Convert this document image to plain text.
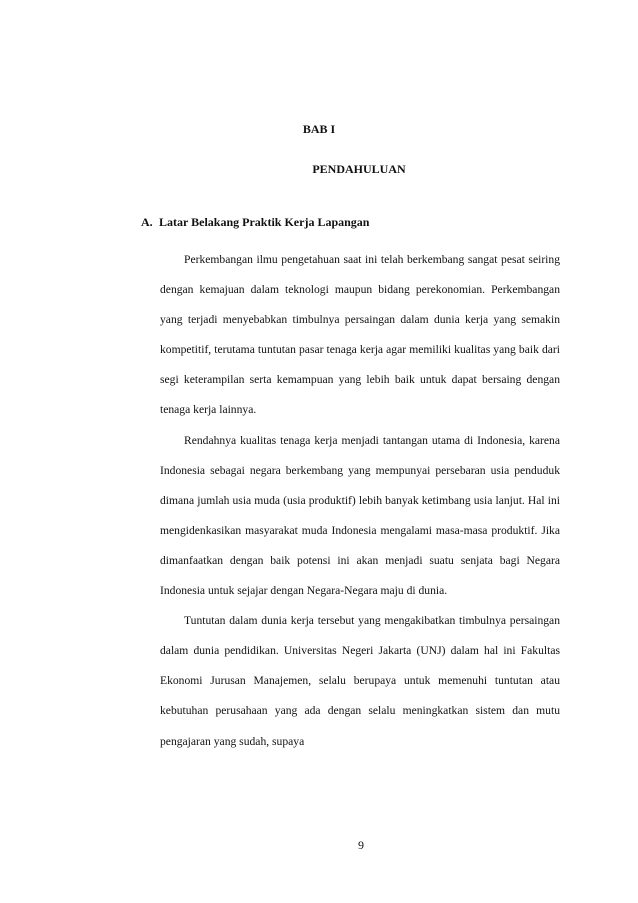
BAB I
PENDAHULUAN
A. Latar Belakang Praktik Kerja Lapangan

Perkembangan ilmu pengetahuan saat ini telah berkembang sangat pesat seiring dengan kemajuan dalam teknologi maupun bidang perekonomian. Perkembangan yang terjadi menyebabkan timbulnya persaingan dalam dunia kerja yang semakin kompetitif, terutama tuntutan pasar tenaga kerja agar memiliki kualitas yang baik dari segi keterampilan serta kemampuan yang lebih baik untuk dapat bersaing dengan tenaga kerja lainnya.

Rendahnya kualitas tenaga kerja menjadi tantangan utama di Indonesia, karena Indonesia sebagai negara berkembang yang mempunyai persebaran usia penduduk dimana jumlah usia muda (usia produktif) lebih banyak ketimbang usia lanjut. Hal ini mengidenkasikan masyarakat muda Indonesia mengalami masa-masa produktif. Jika dimanfaatkan dengan baik potensi ini akan menjadi suatu senjata bagi Negara Indonesia untuk sejajar dengan Negara-Negara maju di dunia.

Tuntutan dalam dunia kerja tersebut yang mengakibatkan timbulnya persaingan dalam dunia pendidikan. Universitas Negeri Jakarta (UNJ) dalam hal ini Fakultas Ekonomi Jurusan Manajemen, selalu berupaya untuk memenuhi tuntutan atau kebutuhan perusahaan yang ada dengan selalu meningkatkan sistem dan mutu pengajaran yang sudah, supaya

9
